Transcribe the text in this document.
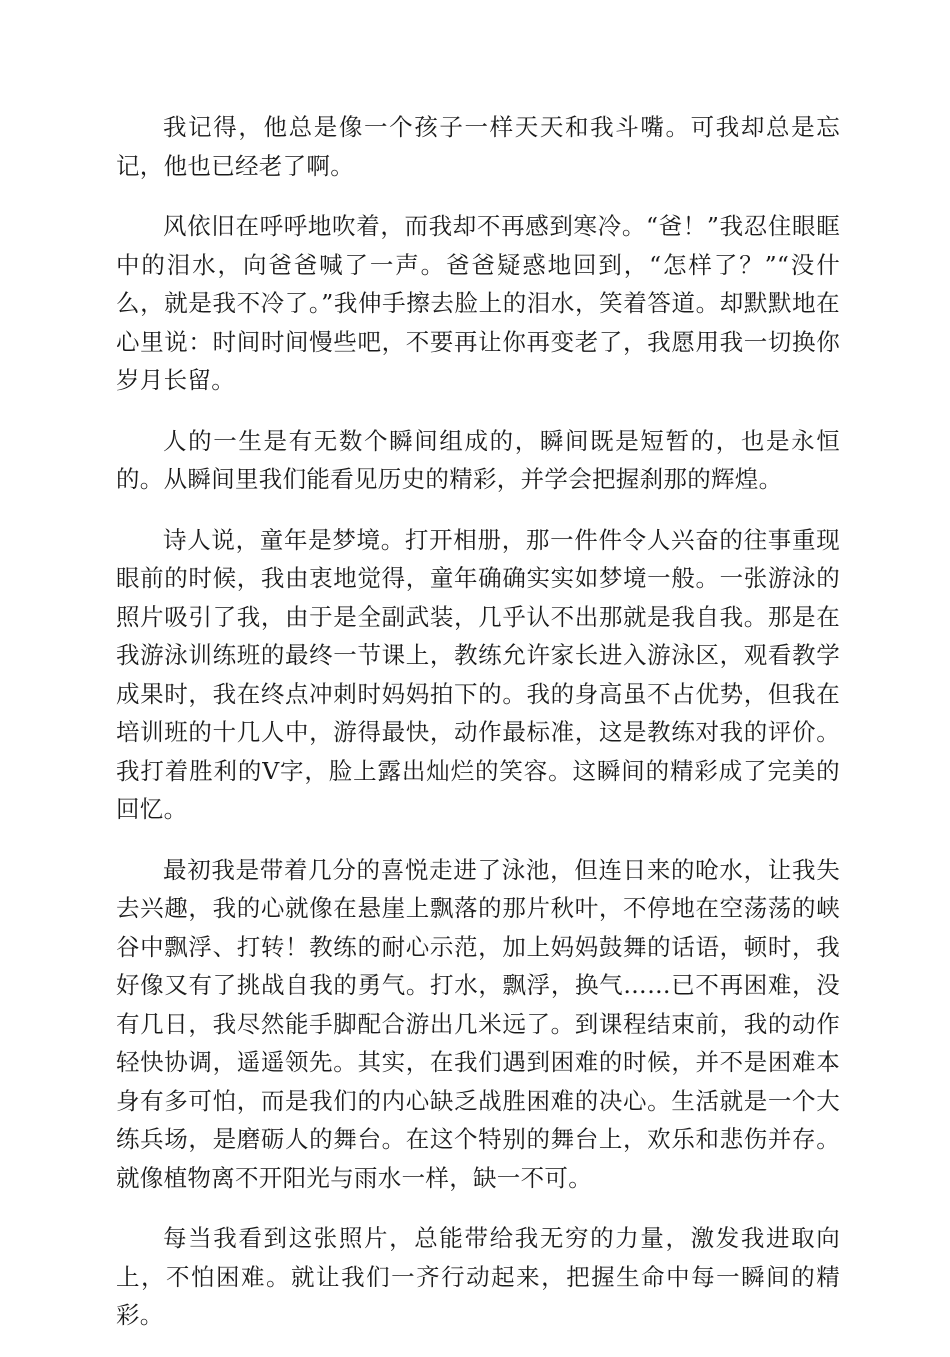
我记得，他总是像一个孩子一样天天和我斗嘴。可我却总是忘记，他也已经老了啊。

风依旧在呼呼地吹着，而我却不再感到寒冷。“爸！”我忍住眼眶中的泪水，向爸爸喊了一声。爸爸疑惑地回到，“怎样了？”“没什么，就是我不冷了。”我伸手擦去脸上的泪水，笑着答道。却默默地在心里说：时间时间慢些吧，不要再让你再变老了，我愿用我一切换你岁月长留。

人的一生是有无数个瞬间组成的，瞬间既是短暂的，也是永恒的。从瞬间里我们能看见历史的精彩，并学会把握刹那的辉煌。

诗人说，童年是梦境。打开相册，那一件件令人兴奋的往事重现眼前的时候，我由衷地觉得，童年确确实实如梦境一般。一张游泳的照片吸引了我，由于是全副武装，几乎认不出那就是我自我。那是在我游泳训练班的最终一节课上，教练允许家长进入游泳区，观看教学成果时，我在终点冲刺时妈妈拍下的。我的身高虽不占优势，但我在培训班的十几人中，游得最快，动作最标准，这是教练对我的评价。我打着胜利的V字，脸上露出灿烂的笑容。这瞬间的精彩成了完美的回忆。

最初我是带着几分的喜悦走进了泳池，但连日来的呛水，让我失去兴趣，我的心就像在悬崖上飘落的那片秋叶，不停地在空荡荡的峡谷中飘浮、打转！教练的耐心示范，加上妈妈鼓舞的话语，顿时，我好像又有了挑战自我的勇气。打水，飘浮，换气……已不再困难，没有几日，我尽然能手脚配合游出几米远了。到课程结束前，我的动作轻快协调，遥遥领先。其实，在我们遇到困难的时候，并不是困难本身有多可怕，而是我们的内心缺乏战胜困难的决心。生活就是一个大练兵场，是磨砺人的舞台。在这个特别的舞台上，欢乐和悲伤并存。就像植物离不开阳光与雨水一样，缺一不可。

每当我看到这张照片，总能带给我无穷的力量，激发我进取向上，不怕困难。就让我们一齐行动起来，把握生命中每一瞬间的精彩。
